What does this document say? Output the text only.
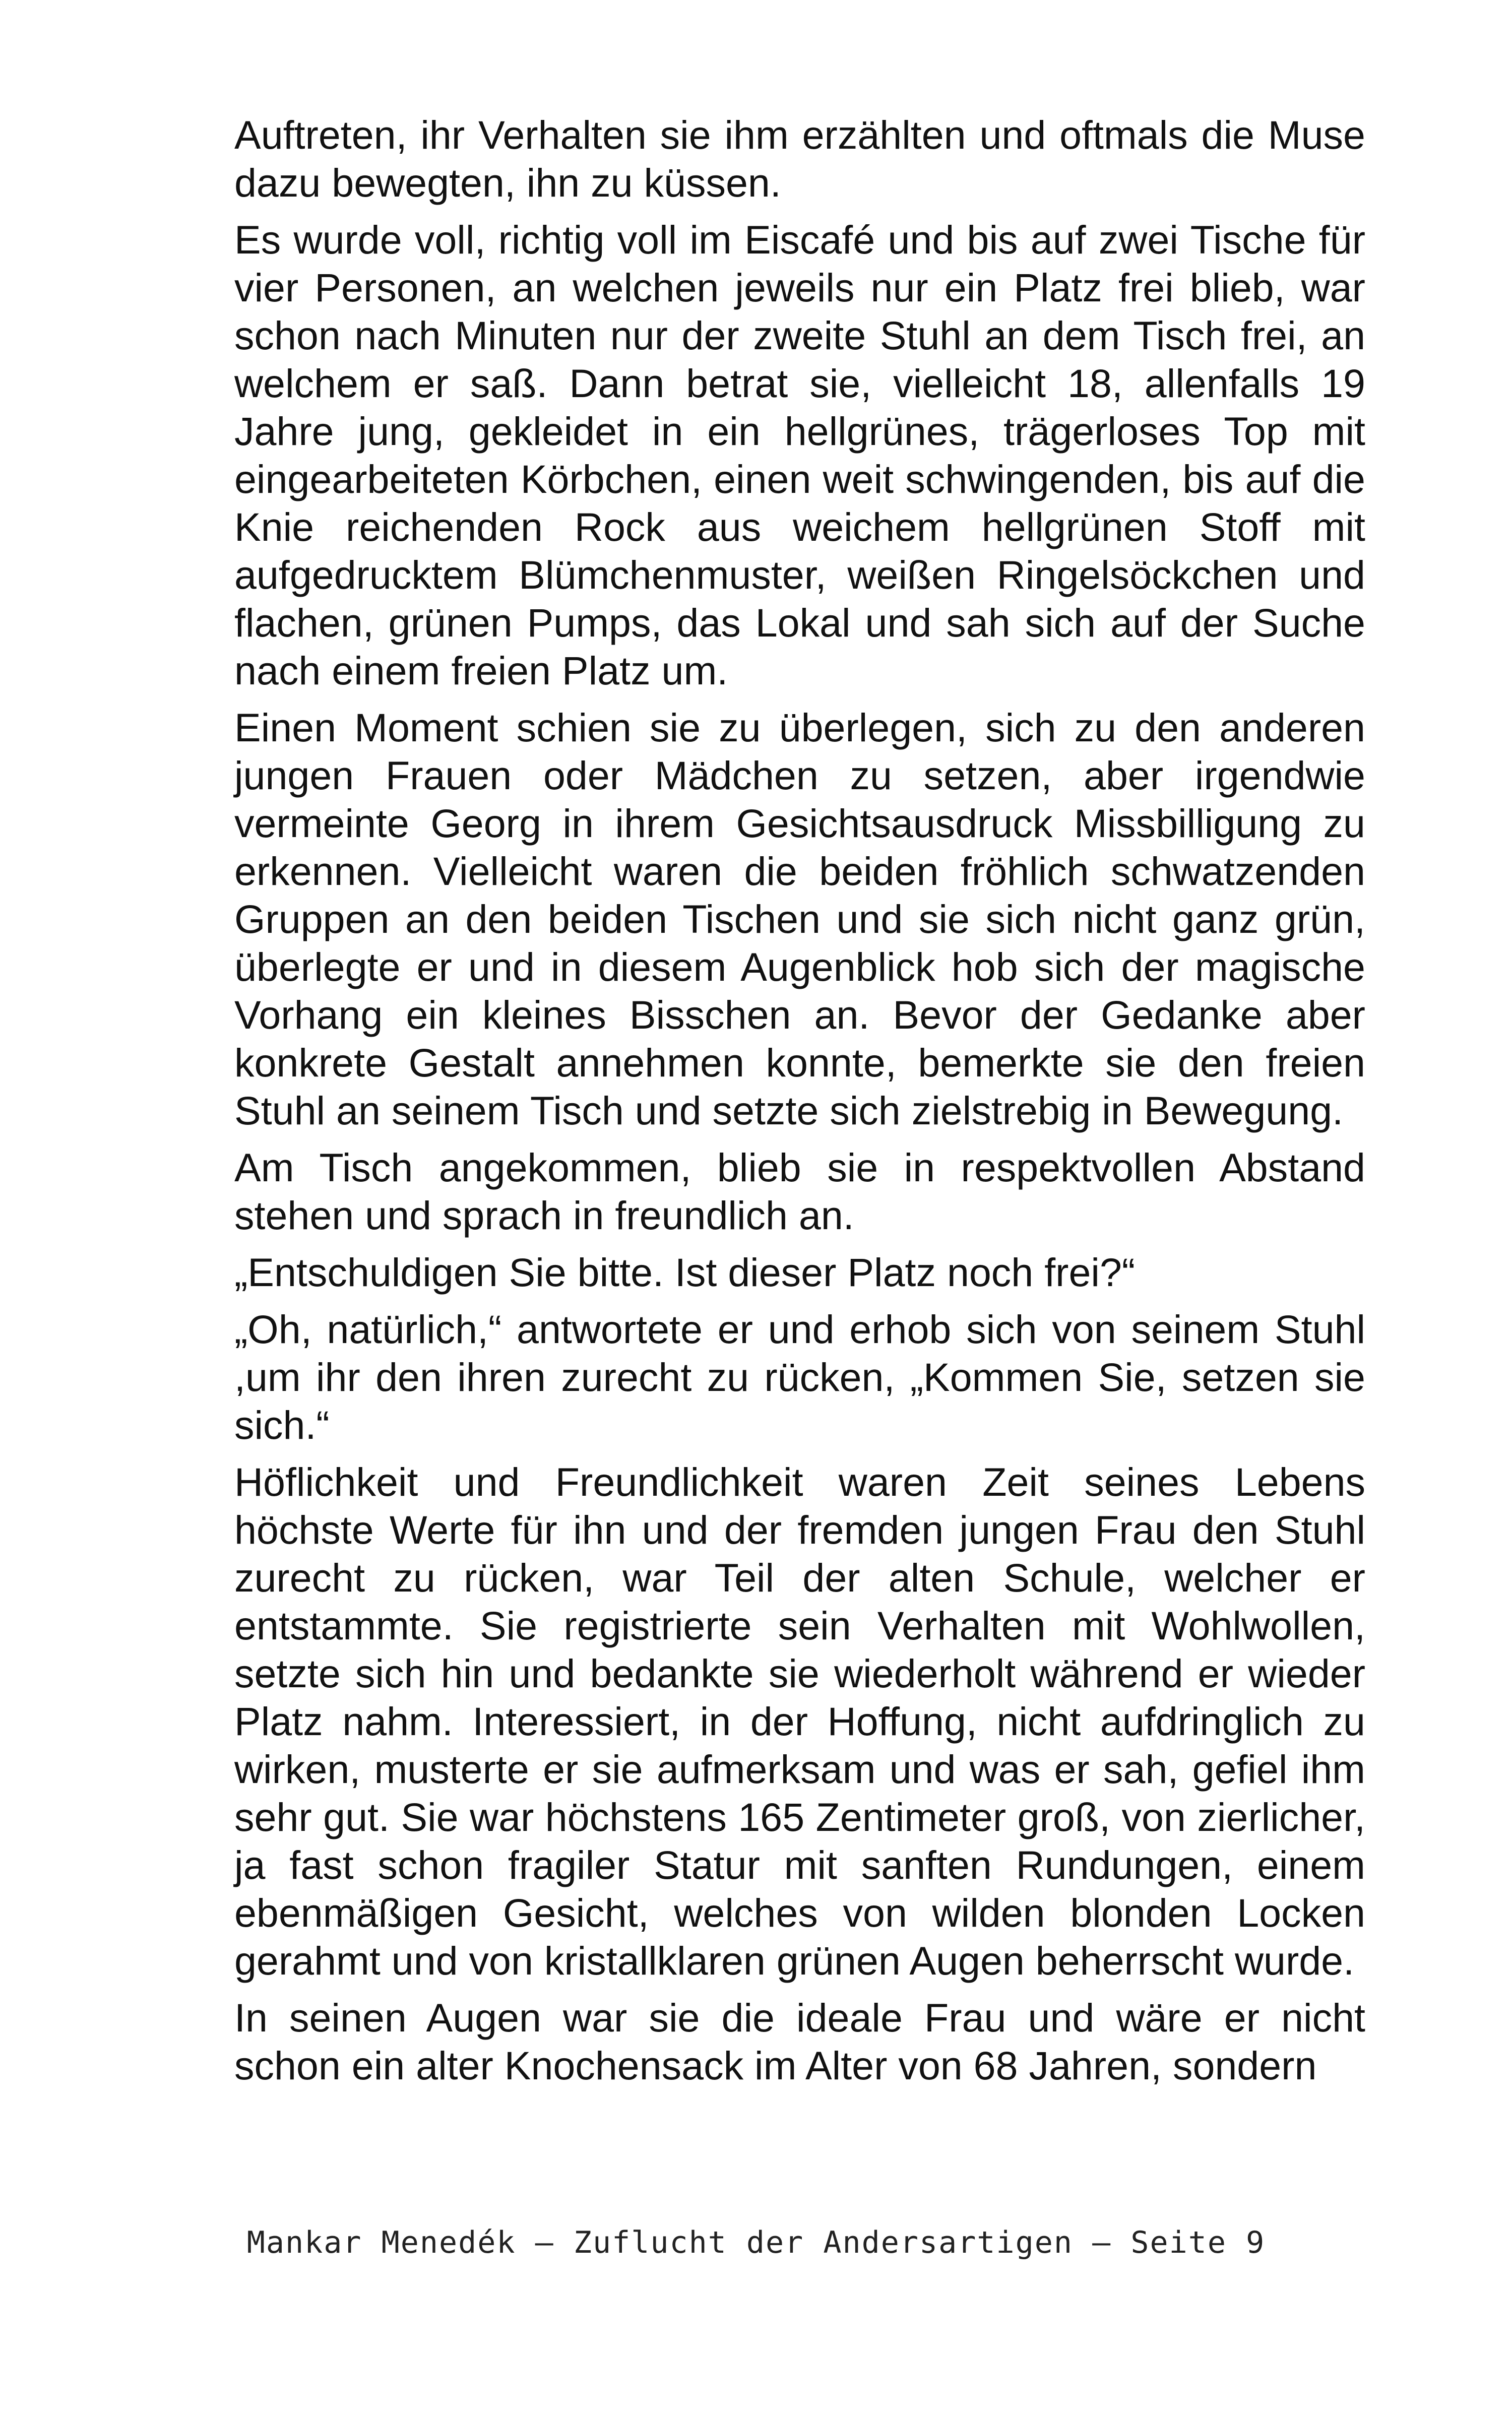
Auftreten, ihr Verhalten sie ihm erzählten und oftmals die Muse dazu bewegten, ihn zu küssen.

Es wurde voll, richtig voll im Eiscafé und bis auf zwei Tische für vier Personen, an welchen jeweils nur ein Platz frei blieb, war schon nach Minuten nur der zweite Stuhl an dem Tisch frei, an welchem er saß. Dann betrat sie, vielleicht 18, allenfalls 19 Jahre jung, gekleidet in ein hellgrünes, trägerloses Top mit eingearbeiteten Körbchen, einen weit schwingenden, bis auf die Knie reichenden Rock aus weichem hellgrünen Stoff mit aufgedrucktem Blümchenmuster, weißen Ringelsöckchen und flachen, grünen Pumps, das Lokal und sah sich auf der Suche nach einem freien Platz um.

Einen Moment schien sie zu überlegen, sich zu den anderen jungen Frauen oder Mädchen zu setzen, aber irgendwie vermeinte Georg in ihrem Gesichtsausdruck Missbilligung zu erkennen. Vielleicht waren die beiden fröhlich schwatzenden Gruppen an den beiden Tischen und sie sich nicht ganz grün, überlegte er und in diesem Augenblick hob sich der magische Vorhang ein kleines Bisschen an. Bevor der Gedanke aber konkrete Gestalt annehmen konnte, bemerkte sie den freien Stuhl an seinem Tisch und setzte sich zielstrebig in Bewegung.

Am Tisch angekommen, blieb sie in respektvollen Abstand stehen und sprach in freundlich an.

„Entschuldigen Sie bitte. Ist dieser Platz noch frei?“

„Oh, natürlich,“ antwortete er und erhob sich von seinem Stuhl ,um ihr den ihren zurecht zu rücken, „Kommen Sie, setzen sie sich.“

Höflichkeit und Freundlichkeit waren Zeit seines Lebens höchste Werte für ihn und der fremden jungen Frau den Stuhl zurecht zu rücken, war Teil der alten Schule, welcher er entstammte. Sie registrierte sein Verhalten mit Wohlwollen, setzte sich hin und bedankte sie wiederholt während er wieder Platz nahm. Interessiert, in der Hoffung, nicht aufdringlich zu wirken, musterte er sie aufmerksam und was er sah, gefiel ihm sehr gut. Sie war höchstens 165 Zentimeter groß, von zierlicher, ja fast schon fragiler Statur mit sanften Rundungen, einem ebenmäßigen Gesicht, welches von wilden blonden Locken gerahmt und von kristallklaren grünen Augen beherrscht wurde.

In seinen Augen war sie die ideale Frau und wäre er nicht schon ein alter Knochensack im Alter von 68 Jahren, sondern

Mankar Menedék – Zuflucht der Andersartigen – Seite 9
